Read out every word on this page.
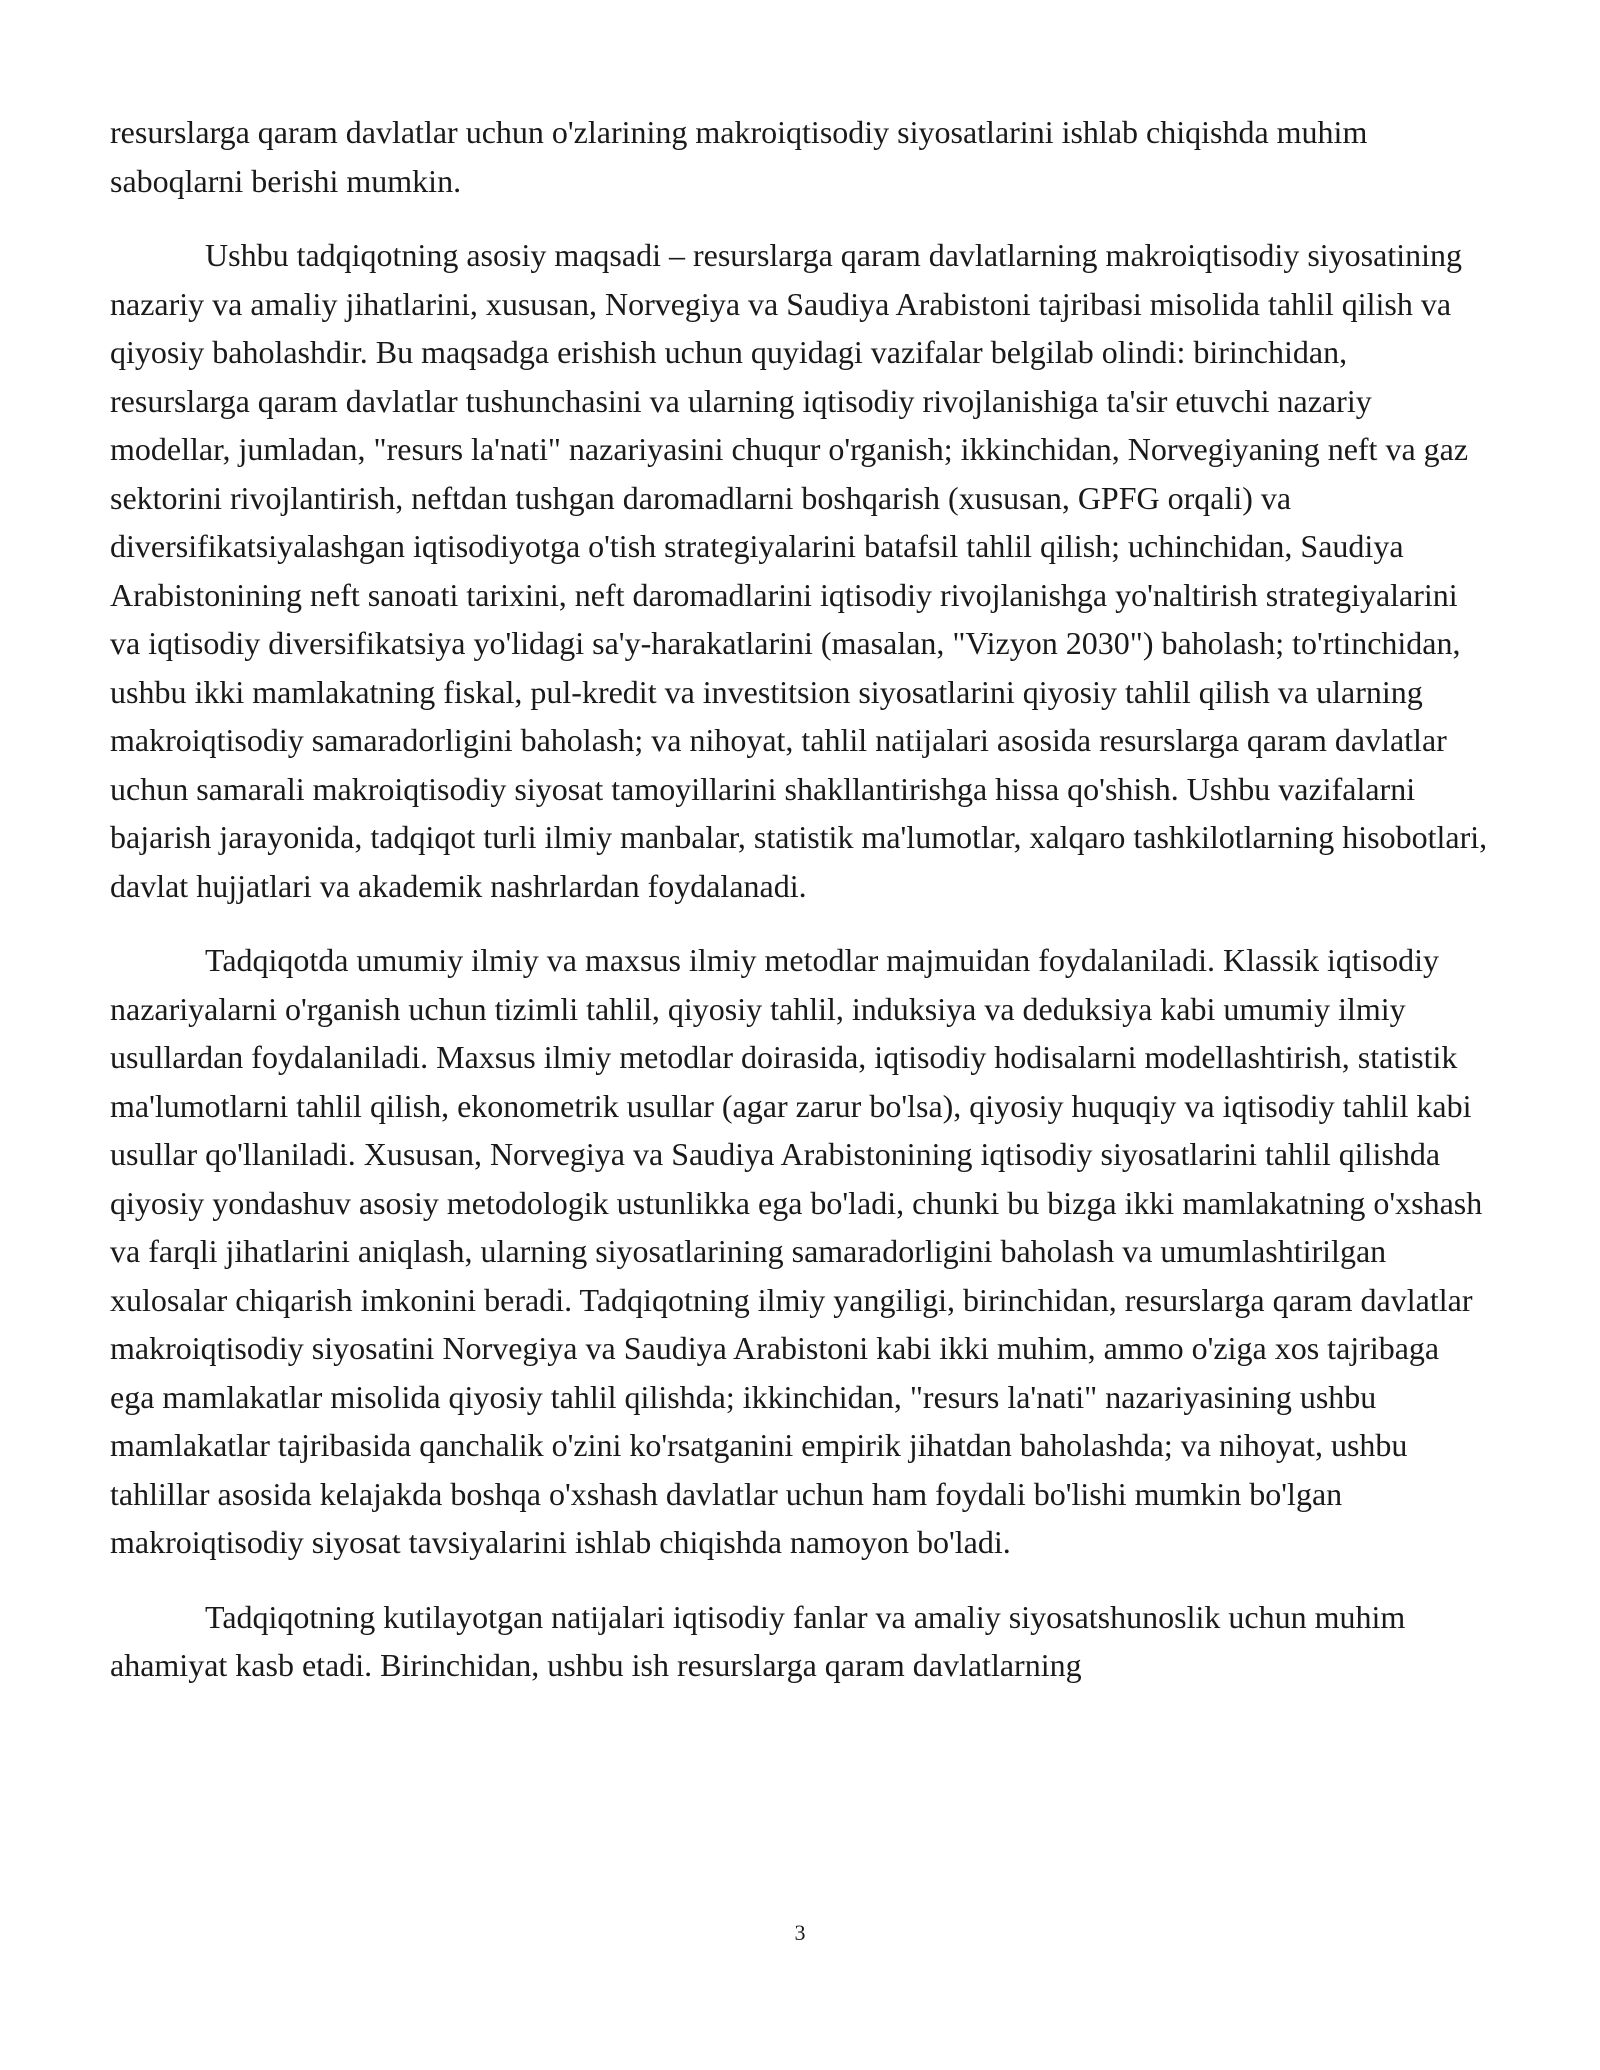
resurslarga qaram davlatlar uchun o'zlarining makroiqtisodiy siyosatlarini ishlab chiqishda muhim saboqlarni berishi mumkin.

Ushbu tadqiqotning asosiy maqsadi – resurslarga qaram davlatlarning makroiqtisodiy siyosatining nazariy va amaliy jihatlarini, xususan, Norvegiya va Saudiya Arabistoni tajribasi misolida tahlil qilish va qiyosiy baholashdir. Bu maqsadga erishish uchun quyidagi vazifalar belgilab olindi: birinchidan, resurslarga qaram davlatlar tushunchasini va ularning iqtisodiy rivojlanishiga ta'sir etuvchi nazariy modellar, jumladan, "resurs la'nati" nazariyasini chuqur o'rganish; ikkinchidan, Norvegiyaning neft va gaz sektorini rivojlantirish, neftdan tushgan daromadlarni boshqarish (xususan, GPFG orqali) va diversifikatsiyalashgan iqtisodiyotga o'tish strategiyalarini batafsil tahlil qilish; uchinchidan, Saudiya Arabistonining neft sanoati tarixini, neft daromadlarini iqtisodiy rivojlanishga yo'naltirish strategiyalarini va iqtisodiy diversifikatsiya yo'lidagi sa'y-harakatlarini (masalan, "Vizyon 2030") baholash; to'rtinchidan, ushbu ikki mamlakatning fiskal, pul-kredit va investitsion siyosatlarini qiyosiy tahlil qilish va ularning makroiqtisodiy samaradorligini baholash; va nihoyat, tahlil natijalari asosida resurslarga qaram davlatlar uchun samarali makroiqtisodiy siyosat tamoyillarini shakllantirishga hissa qo'shish. Ushbu vazifalarni bajarish jarayonida, tadqiqot turli ilmiy manbalar, statistik ma'lumotlar, xalqaro tashkilotlarning hisobotlari, davlat hujjatlari va akademik nashrlardan foydalanadi.

Tadqiqotda umumiy ilmiy va maxsus ilmiy metodlar majmuidan foydalaniladi. Klassik iqtisodiy nazariyalarni o'rganish uchun tizimli tahlil, qiyosiy tahlil, induksiya va deduksiya kabi umumiy ilmiy usullardan foydalaniladi. Maxsus ilmiy metodlar doirasida, iqtisodiy hodisalarni modellashtirish, statistik ma'lumotlarni tahlil qilish, ekonometrik usullar (agar zarur bo'lsa), qiyosiy huquqiy va iqtisodiy tahlil kabi usullar qo'llaniladi. Xususan, Norvegiya va Saudiya Arabistonining iqtisodiy siyosatlarini tahlil qilishda qiyosiy yondashuv asosiy metodologik ustunlikka ega bo'ladi, chunki bu bizga ikki mamlakatning o'xshash va farqli jihatlarini aniqlash, ularning siyosatlarining samaradorligini baholash va umumlashtirilgan xulosalar chiqarish imkonini beradi. Tadqiqotning ilmiy yangiligi, birinchidan, resurslarga qaram davlatlar makroiqtisodiy siyosatini Norvegiya va Saudiya Arabistoni kabi ikki muhim, ammo o'ziga xos tajribaga ega mamlakatlar misolida qiyosiy tahlil qilishda; ikkinchidan, "resurs la'nati" nazariyasining ushbu mamlakatlar tajribasida qanchalik o'zini ko'rsatganini empirik jihatdan baholashda; va nihoyat, ushbu tahlillar asosida kelajakda boshqa o'xshash davlatlar uchun ham foydali bo'lishi mumkin bo'lgan makroiqtisodiy siyosat tavsiyalarini ishlab chiqishda namoyon bo'ladi.

Tadqiqotning kutilayotgan natijalari iqtisodiy fanlar va amaliy siyosatshunoslik uchun muhim ahamiyat kasb etadi. Birinchidan, ushbu ish resurslarga qaram davlatlarning

3
